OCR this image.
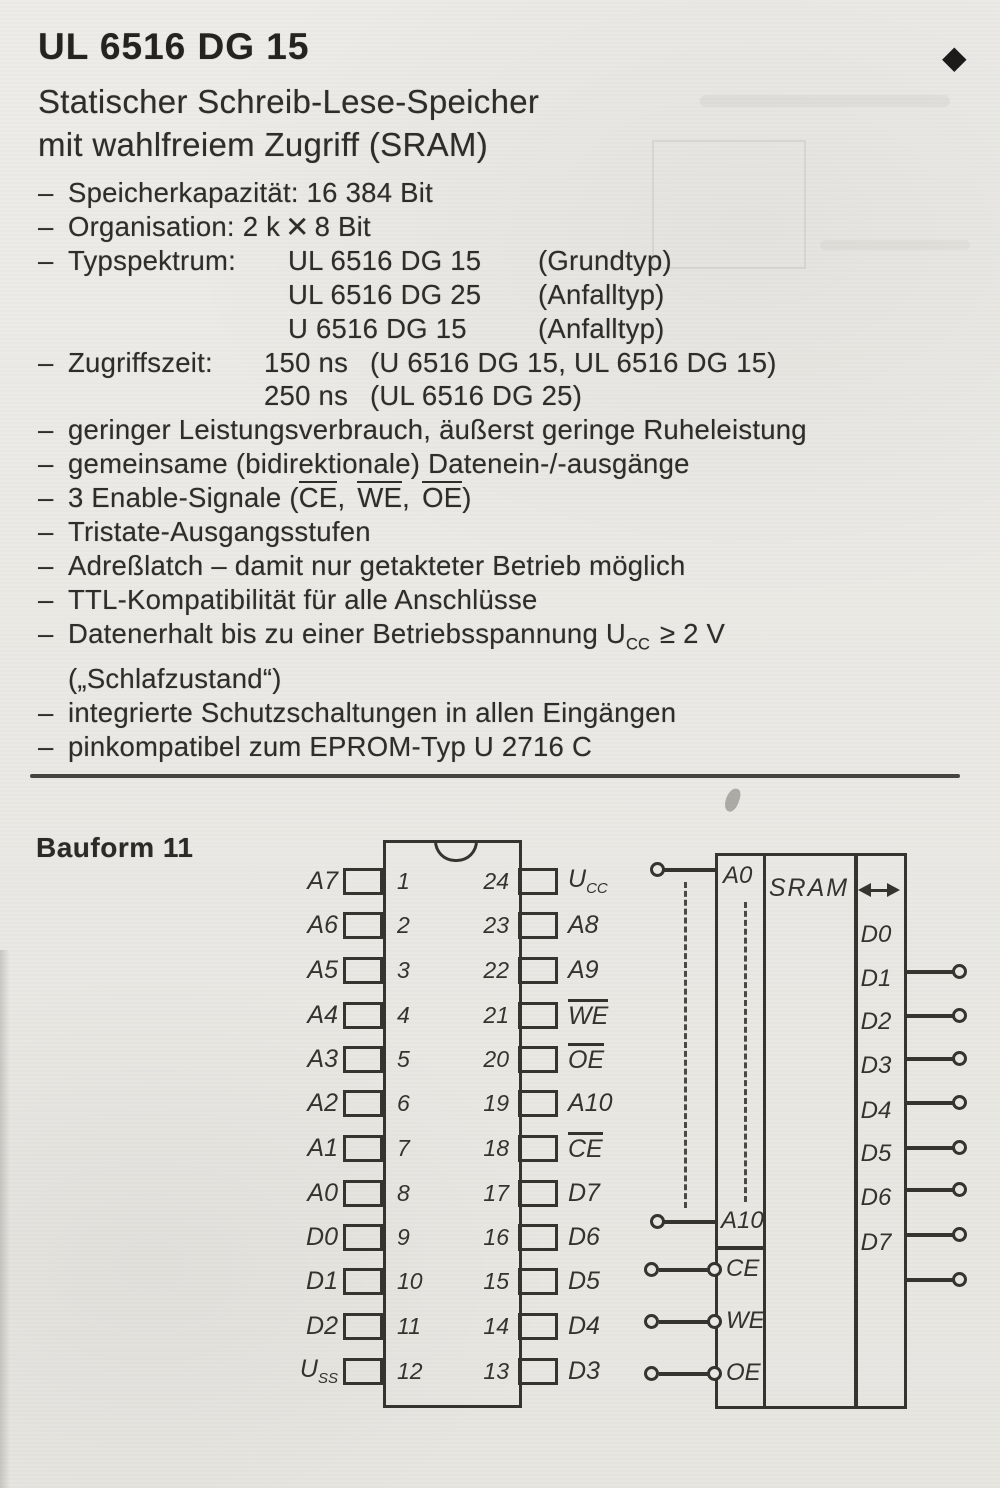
UL 6516 DG 15	◆
Statischer Schreib-Lese-Speicher
mit wahlfreiem Zugriff (SRAM)
– Speicherkapazität: 16 384 Bit
– Organisation: 2 k × 8 Bit
– Typspektrum:	UL 6516 DG 15	(Grundtyp)
UL 6516 DG 25	(Anfalltyp)
U 6516 DG 15	(Anfalltyp)
– Zugriffszeit:	150 ns (U 6516 DG 15, UL 6516 DG 15)
250 ns (UL 6516 DG 25)
– geringer Leistungsverbrauch, äußerst geringe Ruheleistung
– gemeinsame (bidirektionale) Datenein-/-ausgänge
– 3 Enable-Signale (CE, WE, OE)
– Tristate-Ausgangsstufen
– Adreßlatch – damit nur getakteter Betrieb möglich
– TTL-Kompatibilität für alle Anschlüsse
– Datenerhalt bis zu einer Betriebsspannung $U_{CC} \ge 2$ V
(„Schlafzustand“)
– integrierte Schutzschaltungen in allen Eingängen
– pinkompatibel zum EPROM-Typ U 2716 C
Bauform 11
A7	1	24 $U_{CC}$
A6	2	23 A8
A5	3	22 A9
A4	4	21 WE
A3	5	20 OE
A2	6	19 A10
A1	7	18 CE
A0	8	17 D7
D0	9	16 D6
D1	10	15 D5
D2	11	14 D4
$U_{SS}$	12	13 D3
A0
A10
CE
WE
OE
SRAM
D0
D1
D2
D3
D4
D5
D6
D7
